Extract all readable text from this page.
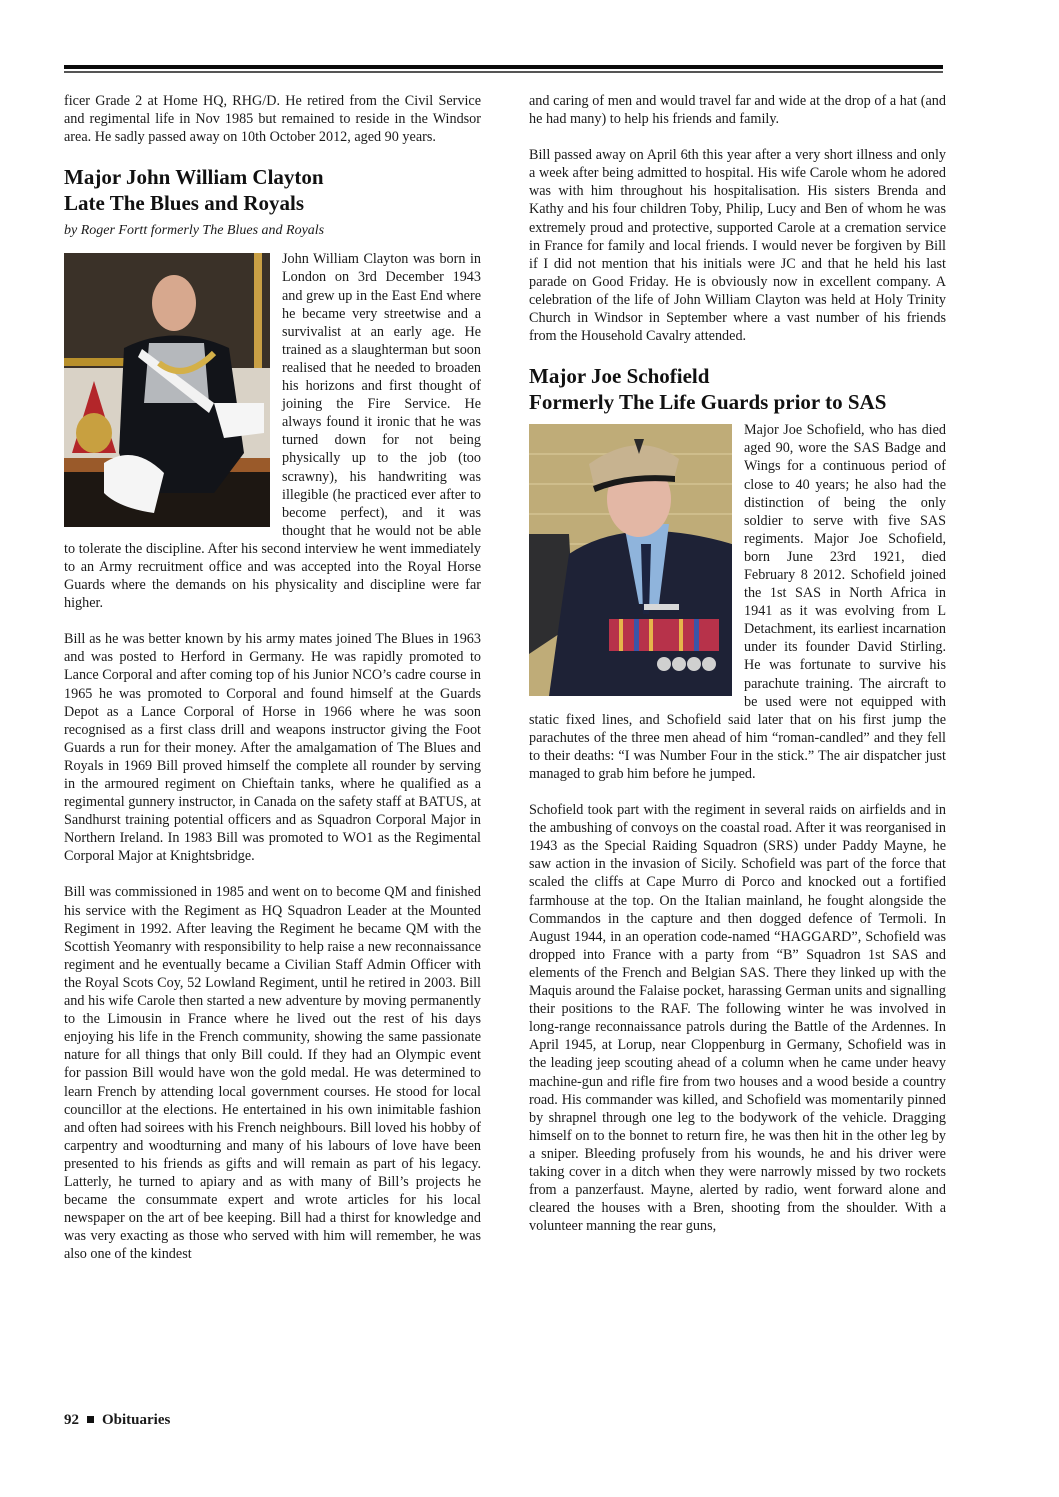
ficer Grade 2 at Home HQ, RHG/D. He retired from the Civil Service and regimental life in Nov 1985 but remained to reside in the Windsor area. He sadly passed away on 10th October 2012, aged 90 years.

Major John William Clayton
Late The Blues and Royals
by Roger Fortt formerly The Blues and Royals

John William Clayton was born in London on 3rd December 1943 and grew up in the East End where he became very streetwise and a survivalist at an early age. He trained as a slaughterman but soon realised that he needed to broaden his horizons and first thought of joining the Fire Service. He always found it ironic that he was turned down for not being physically up to the job (too scrawny), his handwriting was illegible (he practiced ever after to become perfect), and it was thought that he would not be able to tolerate the discipline. After his second interview he went immediately to an Army recruitment office and was accepted into the Royal Horse Guards where the demands on his physicality and discipline were far higher.

Bill as he was better known by his army mates joined The Blues in 1963 and was posted to Herford in Germany. He was rapidly promoted to Lance Corporal and after coming top of his Junior NCO’s cadre course in 1965 he was promoted to Corporal and found himself at the Guards Depot as a Lance Corporal of Horse in 1966 where he was soon recognised as a first class drill and weapons instructor giving the Foot Guards a run for their money. After the amalgamation of The Blues and Royals in 1969 Bill proved himself the complete all rounder by serving in the armoured regiment on Chieftain tanks, where he qualified as a regimental gunnery instructor, in Canada on the safety staff at BATUS, at Sandhurst training potential officers and as Squadron Corporal Major in Northern Ireland. In 1983 Bill was promoted to WO1 as the Regimental Corporal Major at Knightsbridge.

Bill was commissioned in 1985 and went on to become QM and finished his service with the Regiment as HQ Squadron Leader at the Mounted Regiment in 1992. After leaving the Regiment he became QM with the Scottish Yeomanry with responsibility to help raise a new reconnaissance regiment and he eventually became a Civilian Staff Admin Officer with the Royal Scots Coy, 52 Lowland Regiment, until he retired in 2003. Bill and his wife Carole then started a new adventure by moving permanently to the Limousin in France where he lived out the rest of his days enjoying his life in the French community, showing the same passionate nature for all things that only Bill could. If they had an Olympic event for passion Bill would have won the gold medal. He was determined to learn French by attending local government courses. He stood for local councillor at the elections. He entertained in his own inimitable fashion and often had soirees with his French neighbours. Bill loved his hobby of carpentry and woodturning and many of his labours of love have been presented to his friends as gifts and will remain as part of his legacy. Latterly, he turned to apiary and as with many of Bill’s projects he became the consummate expert and wrote articles for his local newspaper on the art of bee keeping. Bill had a thirst for knowledge and was very exacting as those who served with him will remember, he was also one of the kindest

and caring of men and would travel far and wide at the drop of a hat (and he had many) to help his friends and family.

Bill passed away on April 6th this year after a very short illness and only a week after being admitted to hospital. His wife Carole whom he adored was with him throughout his hospitalisation. His sisters Brenda and Kathy and his four children Toby, Philip, Lucy and Ben of whom he was extremely proud and protective, supported Carole at a cremation service in France for family and local friends. I would never be forgiven by Bill if I did not mention that his initials were JC and that he held his last parade on Good Friday. He is obviously now in excellent company. A celebration of the life of John William Clayton was held at Holy Trinity Church in Windsor in September where a vast number of his friends from the Household Cavalry attended.

Major Joe Schofield
Formerly The Life Guards prior to SAS

Major Joe Schofield, who has died aged 90, wore the SAS Badge and Wings for a continuous period of close to 40 years; he also had the distinction of being the only soldier to serve with five SAS regiments. Major Joe Schofield, born June 23rd 1921, died February 8 2012. Schofield joined the 1st SAS in North Africa in 1941 as it was evolving from L Detachment, its earliest incarnation under its founder David Stirling. He was fortunate to survive his parachute training. The aircraft to be used were not equipped with static fixed lines, and Schofield said later that on his first jump the parachutes of the three men ahead of him “roman-candled” and they fell to their deaths: “I was Number Four in the stick.” The air dispatcher just managed to grab him before he jumped.

Schofield took part with the regiment in several raids on airfields and in the ambushing of convoys on the coastal road. After it was reorganised in 1943 as the Special Raiding Squadron (SRS) under Paddy Mayne, he saw action in the invasion of Sicily. Schofield was part of the force that scaled the cliffs at Cape Murro di Porco and knocked out a fortified farmhouse at the top. On the Italian mainland, he fought alongside the Commandos in the capture and then dogged defence of Termoli. In August 1944, in an operation code-named “HAGGARD”, Schofield was dropped into France with a party from “B” Squadron 1st SAS and elements of the French and Belgian SAS. There they linked up with the Maquis around the Falaise pocket, harassing German units and signalling their positions to the RAF. The following winter he was involved in long-range reconnaissance patrols during the Battle of the Ardennes. In April 1945, at Lorup, near Cloppenburg in Germany, Schofield was in the leading jeep scouting ahead of a column when he came under heavy machine-gun and rifle fire from two houses and a wood beside a country road. His commander was killed, and Schofield was momentarily pinned by shrapnel through one leg to the bodywork of the vehicle. Dragging himself on to the bonnet to return fire, he was then hit in the other leg by a sniper. Bleeding profusely from his wounds, he and his driver were taking cover in a ditch when they were narrowly missed by two rockets from a panzerfaust. Mayne, alerted by radio, went forward alone and cleared the houses with a Bren, shooting from the shoulder. With a volunteer manning the rear guns,

92 Obituaries
